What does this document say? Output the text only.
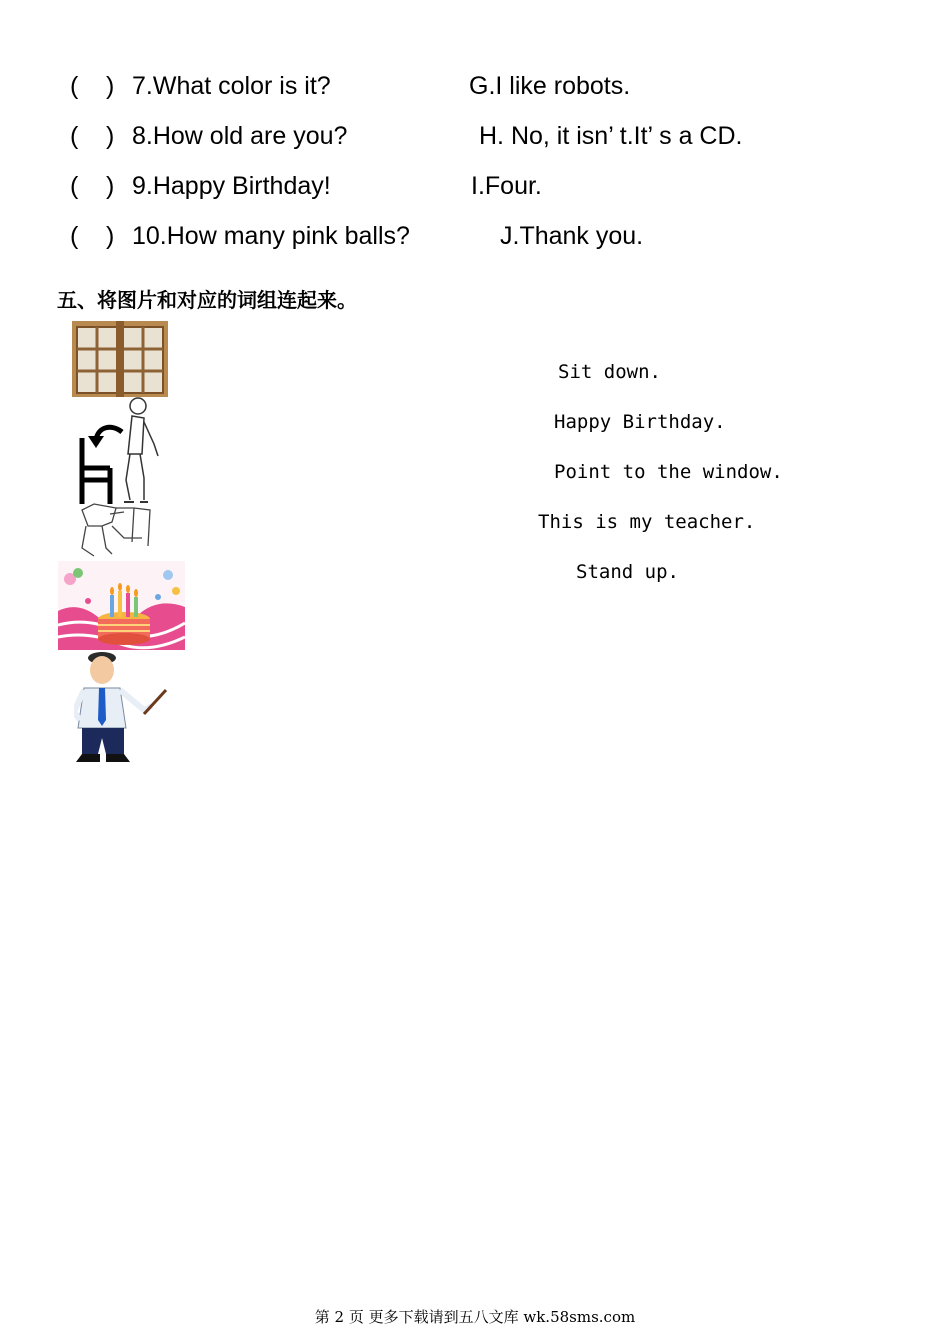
( ) 7.What color is it?	G.I like robots.
( ) 8.How old are you?	H. No, it isn’ t.It’ s a CD.
( ) 9.Happy Birthday!	I.Four.
( ) 10.How many pink balls?	J.Thank you.
五、将图片和对应的词组连起来。
Sit down.
Happy Birthday.
Point to the window.
This is my teacher.
Stand up.
第 2 页 更多下载请到五八文库 wk.58sms.com
